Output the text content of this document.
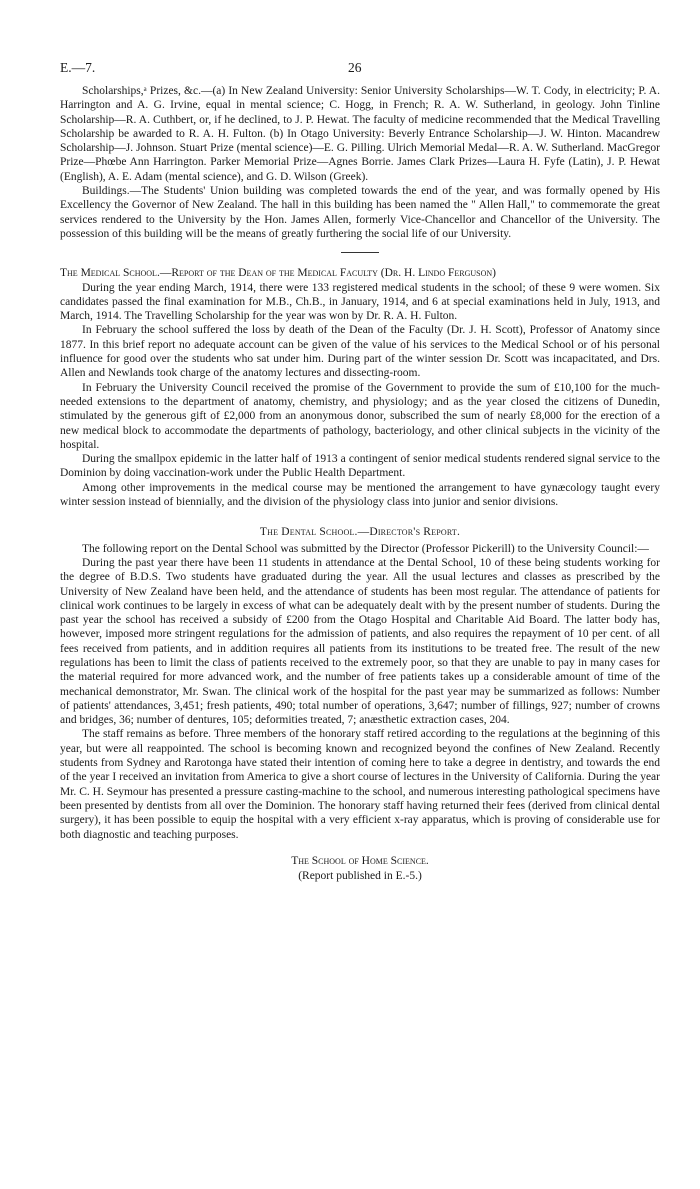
E.—7.	26

Scholarships,ᵃ Prizes, &c.—(a) In New Zealand University: Senior University Scholarships—W. T. Cody, in electricity; P. A. Harrington and A. G. Irvine, equal in mental science; C. Hogg, in French; R. A. W. Sutherland, in geology. John Tinline Scholarship—R. A. Cuthbert, or, if he declined, to J. P. Hewat. The faculty of medicine recommended that the Medical Travelling Scholarship be awarded to R. A. H. Fulton. (b) In Otago University: Beverly Entrance Scholarship—J. W. Hinton. Macandrew Scholarship—J. Johnson. Stuart Prize (mental science)—E. G. Pilling. Ulrich Memorial Medal—R. A. W. Sutherland. MacGregor Prize—Phœbe Ann Harrington. Parker Memorial Prize—Agnes Borrie. James Clark Prizes—Laura H. Fyfe (Latin), J. P. Hewat (English), A. E. Adam (mental science), and G. D. Wilson (Greek).

Buildings.—The Students' Union building was completed towards the end of the year, and was formally opened by His Excellency the Governor of New Zealand. The hall in this building has been named the " Allen Hall," to commemorate the great services rendered to the University by the Hon. James Allen, formerly Vice-Chancellor and Chancellor of the University. The possession of this building will be the means of greatly furthering the social life of our University.

The Medical School.—Report of the Dean of the Medical Faculty (Dr. H. Lindo Ferguson)

During the year ending March, 1914, there were 133 registered medical students in the school; of these 9 were women. Six candidates passed the final examination for M.B., Ch.B., in January, 1914, and 6 at special examinations held in July, 1913, and March, 1914. The Travelling Scholarship for the year was won by Dr. R. A. H. Fulton.

In February the school suffered the loss by death of the Dean of the Faculty (Dr. J. H. Scott), Professor of Anatomy since 1877. In this brief report no adequate account can be given of the value of his services to the Medical School or of his personal influence for good over the students who sat under him. During part of the winter session Dr. Scott was incapacitated, and Drs. Allen and Newlands took charge of the anatomy lectures and dissecting-room.

In February the University Council received the promise of the Government to provide the sum of £10,100 for the much-needed extensions to the department of anatomy, chemistry, and physiology; and as the year closed the citizens of Dunedin, stimulated by the generous gift of £2,000 from an anonymous donor, subscribed the sum of nearly £8,000 for the erection of a new medical block to accommodate the departments of pathology, bacteriology, and other clinical subjects in the vicinity of the hospital.

During the smallpox epidemic in the latter half of 1913 a contingent of senior medical students rendered signal service to the Dominion by doing vaccination-work under the Public Health Department.

Among other improvements in the medical course may be mentioned the arrangement to have gynæcology taught every winter session instead of biennially, and the division of the physiology class into junior and senior divisions.

The Dental School.—Director's Report.

The following report on the Dental School was submitted by the Director (Professor Pickerill) to the University Council:—

During the past year there have been 11 students in attendance at the Dental School, 10 of these being students working for the degree of B.D.S. Two students have graduated during the year. All the usual lectures and classes as prescribed by the University of New Zealand have been held, and the attendance of students has been most regular. The attendance of patients for clinical work continues to be largely in excess of what can be adequately dealt with by the present number of students. During the past year the school has received a subsidy of £200 from the Otago Hospital and Charitable Aid Board. The latter body has, however, imposed more stringent regulations for the admission of patients, and also requires the repayment of 10 per cent. of all fees received from patients, and in addition requires all patients from its institutions to be treated free. The result of the new regulations has been to limit the class of patients received to the extremely poor, so that they are unable to pay in many cases for the material required for more advanced work, and the number of free patients takes up a considerable amount of time of the mechanical demonstrator, Mr. Swan. The clinical work of the hospital for the past year may be summarized as follows: Number of patients' attendances, 3,451; fresh patients, 490; total number of operations, 3,647; number of fillings, 927; number of crowns and bridges, 36; number of dentures, 105; deformities treated, 7; anæsthetic extraction cases, 204.

The staff remains as before. Three members of the honorary staff retired according to the regulations at the beginning of this year, but were all reappointed. The school is becoming known and recognized beyond the confines of New Zealand. Recently students from Sydney and Rarotonga have stated their intention of coming here to take a degree in dentistry, and towards the end of the year I received an invitation from America to give a short course of lectures in the University of California. During the year Mr. C. H. Seymour has presented a pressure casting-machine to the school, and numerous interesting pathological specimens have been presented by dentists from all over the Dominion. The honorary staff having returned their fees (derived from clinical dental surgery), it has been possible to equip the hospital with a very efficient x-ray apparatus, which is proving of considerable use for both diagnostic and teaching purposes.

The School of Home Science.
(Report published in E.-5.)
